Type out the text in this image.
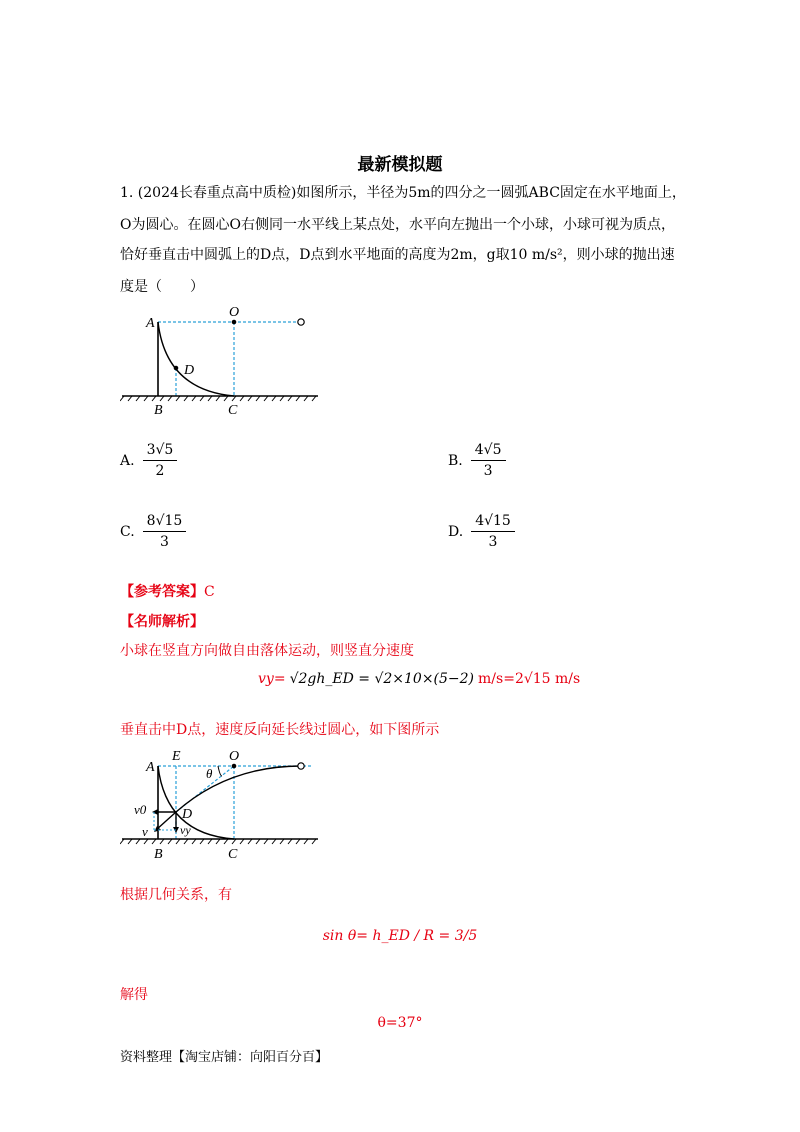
最新模拟题
1. (2024长春重点高中质检)如图所示，半径为5m的四分之一圆弧ABC固定在水平地面上，
O为圆心。在圆心O右侧同一水平线上某点处，水平向左抛出一个小球，小球可视为质点，
恰好垂直击中圆弧上的D点，D点到水平地面的高度为2m，g取10 m/s²，则小球的抛出速
度是（　　）
A
O
D
B	C
A. $\frac{3√5}{2}$	B. $\frac{4√5}{3}$
C. $\frac{8√15}{3}$	D. $\frac{4√15}{3}$
【参考答案】C
【名师解析】
小球在竖直方向做自由落体运动，则竖直分速度
vy= √2gh_ED = √2×10×(5−2) m/s=2√15 m/s
垂直击中D点，速度反向延长线过圆心，如下图所示
A
E	O
θ
v0	D
v	vy
B	C
根据几何关系，有
sin θ= h_ED / R = 3/5
解得
θ=37°
资料整理【淘宝店铺：向阳百分百】
